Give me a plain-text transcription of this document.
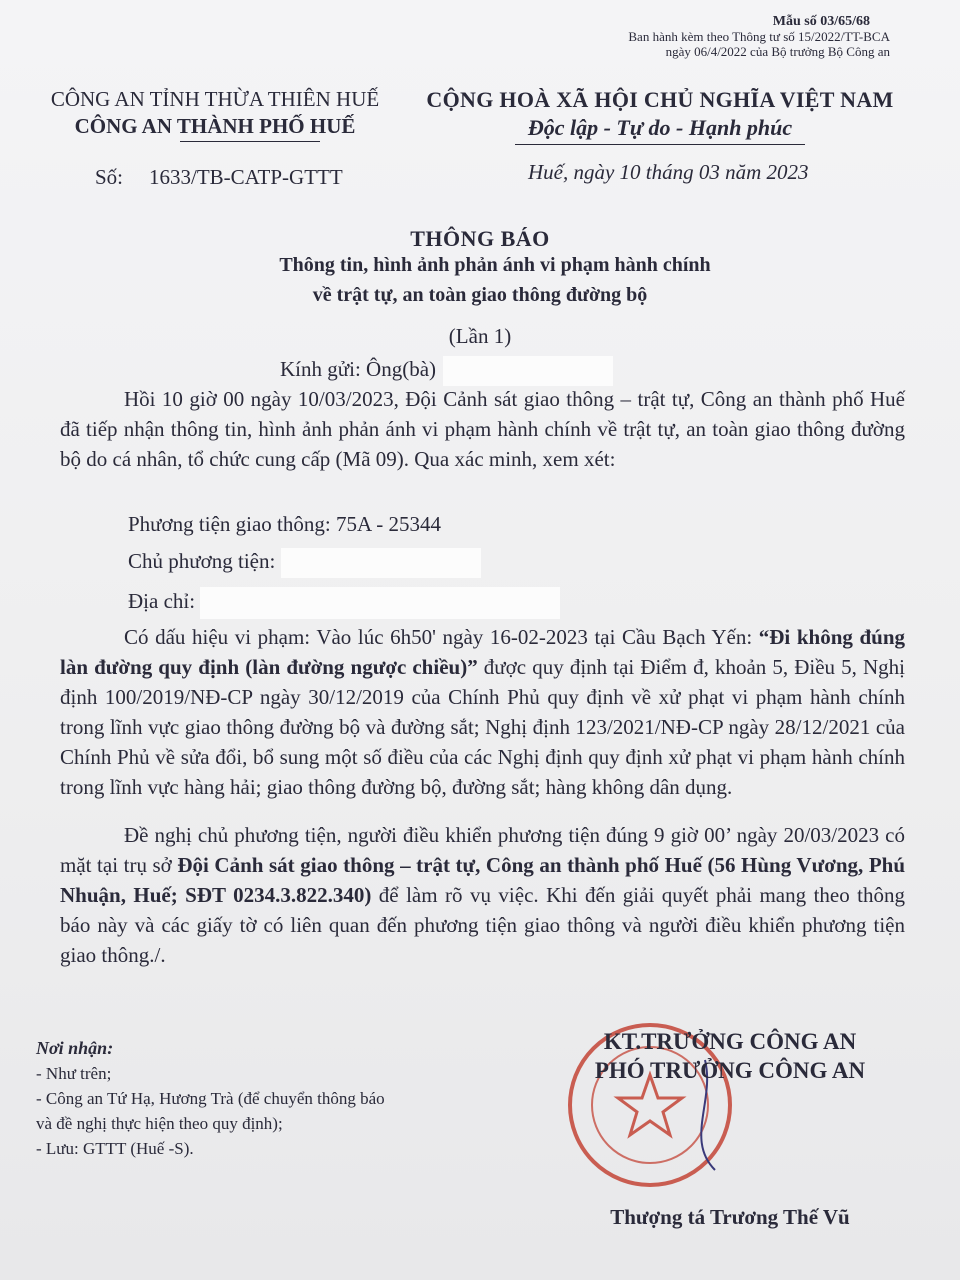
Mẫu số 03/65/68
Ban hành kèm theo Thông tư số 15/2022/TT-BCA
ngày 06/4/2022 của Bộ trưởng Bộ Công an
CÔNG AN TỈNH THỪA THIÊN HUẾ
CÔNG AN THÀNH PHỐ HUẾ
CỘNG HOÀ XÃ HỘI CHỦ NGHĨA VIỆT NAM
Độc lập - Tự do - Hạnh phúc
Số: 1633/TB-CATP-GTTT	Huế, ngày 10 tháng 03 năm 2023
THÔNG BÁO
Thông tin, hình ảnh phản ánh vi phạm hành chính
về trật tự, an toàn giao thông đường bộ
(Lần 1)
Kính gửi: Ông(bà)
Hồi 10 giờ 00 ngày 10/03/2023, Đội Cảnh sát giao thông – trật tự, Công an thành phố Huế đã tiếp nhận thông tin, hình ảnh phản ánh vi phạm hành chính về trật tự, an toàn giao thông đường bộ do cá nhân, tổ chức cung cấp (Mã 09). Qua xác minh, xem xét:
Phương tiện giao thông: 75A - 25344
Chủ phương tiện:
Địa chỉ:
Có dấu hiệu vi phạm: Vào lúc 6h50' ngày 16-02-2023 tại Cầu Bạch Yến: “Đi không đúng làn đường quy định (làn đường ngược chiều)” được quy định tại Điểm đ, khoản 5, Điều 5, Nghị định 100/2019/NĐ-CP ngày 30/12/2019 của Chính Phủ quy định về xử phạt vi phạm hành chính trong lĩnh vực giao thông đường bộ và đường sắt; Nghị định 123/2021/NĐ-CP ngày 28/12/2021 của Chính Phủ về sửa đổi, bổ sung một số điều của các Nghị định quy định xử phạt vi phạm hành chính trong lĩnh vực hàng hải; giao thông đường bộ, đường sắt; hàng không dân dụng.
Đề nghị chủ phương tiện, người điều khiển phương tiện đúng 9 giờ 00’ ngày 20/03/2023 có mặt tại trụ sở Đội Cảnh sát giao thông – trật tự, Công an thành phố Huế (56 Hùng Vương, Phú Nhuận, Huế; SĐT 0234.3.822.340) để làm rõ vụ việc. Khi đến giải quyết phải mang theo thông báo này và các giấy tờ có liên quan đến phương tiện giao thông và người điều khiển phương tiện giao thông./.
Nơi nhận:
- Như trên;
- Công an Tứ Hạ, Hương Trà (để chuyển thông báo
và đề nghị thực hiện theo quy định);
- Lưu: GTTT (Huế -S).
KT.TRƯỞNG CÔNG AN
PHÓ TRƯỞNG CÔNG AN
Thượng tá Trương Thế Vũ
